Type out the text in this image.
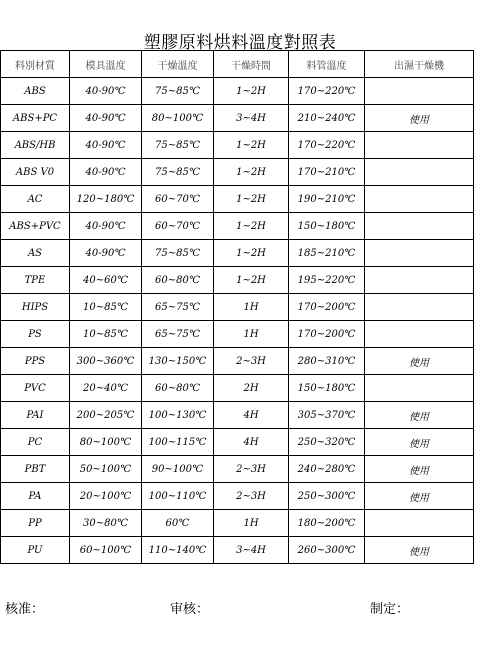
塑膠原料烘料溫度對照表
料別材質	模具溫度	干燥溫度	干燥時間	料管溫度	出濕干燥機
ABS	40-90℃	75~85℃	1~2H	170~220℃	
ABS+PC	40-90℃	80~100℃	3~4H	210~240℃	使用
ABS/HB	40-90℃	75~85℃	1~2H	170~220℃	
ABS V0	40-90℃	75~85℃	1~2H	170~210℃	
AC	120~180℃	60~70℃	1~2H	190~210℃	
ABS+PVC	40-90℃	60~70℃	1~2H	150~180℃	
AS	40-90℃	75~85℃	1~2H	185~210℃	
TPE	40~60℃	60~80℃	1~2H	195~220℃	
HIPS	10~85℃	65~75℃	1H	170~200℃	
PS	10~85℃	65~75℃	1H	170~200℃	
PPS	300~360℃	130~150℃	2~3H	280~310℃	使用
PVC	20~40℃	60~80℃	2H	150~180℃	
PAI	200~205℃	100~130℃	4H	305~370℃	使用
PC	80~100℃	100~115℃	4H	250~320℃	使用
PBT	50~100℃	90~100℃	2~3H	240~280℃	使用
PA	20~100℃	100~110℃	2~3H	250~300℃	使用
PP	30~80℃	60℃	1H	180~200℃	
PU	60~100℃	110~140℃	3~4H	260~300℃	使用
核准：	审核：	制定：
